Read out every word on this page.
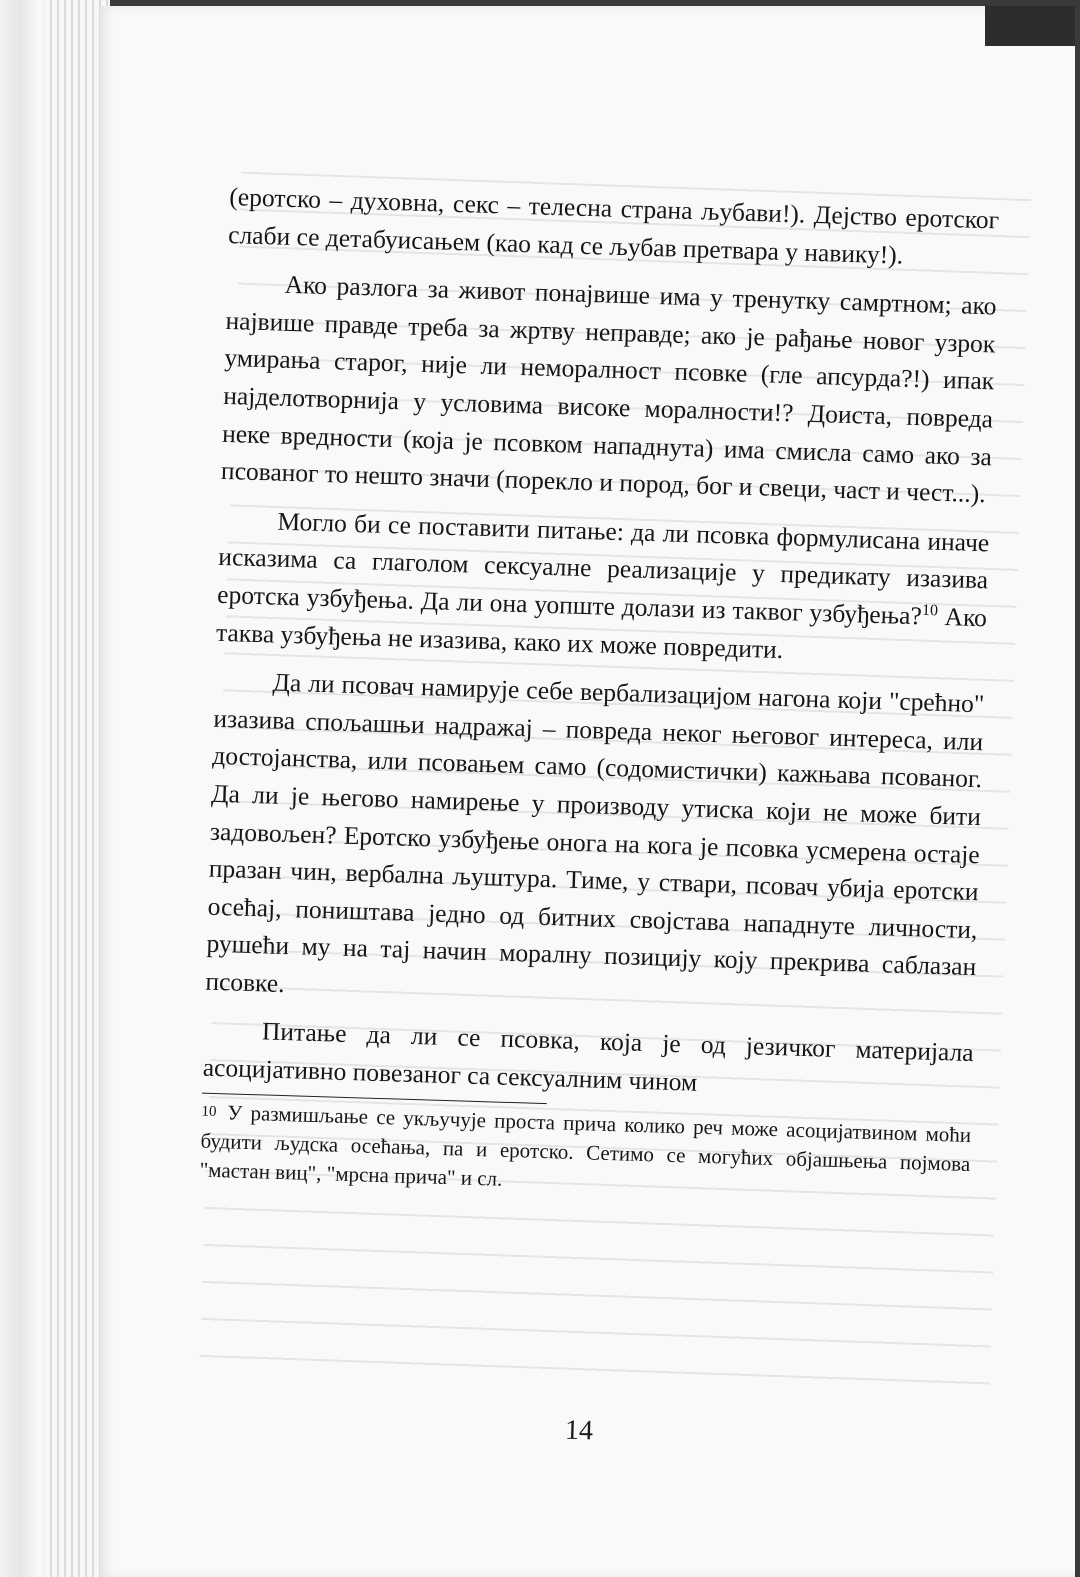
(еротско – духовна, секс – телесна страна љубави!). Дејство еротског слаби се детабуисањем (као кад се љубав претвара у навику!).

Ако разлога за живот понајвише има у тренутку самртном; ако највише правде треба за жртву неправде; ако је рађање новог узрок умирања старог, није ли неморалност псовке (гле апсурда?!) ипак најделотворнија у условима високе моралности!? Доиста, повреда неке вредности (која је псовком нападнута) има смисла само ако за псованог то нешто значи (порекло и пород, бог и свеци, част и чест...).

Могло би се поставити питање: да ли псовка формулисана иначе исказима са глаголом сексуалне реализације у предикату изазива еротска узбуђења. Да ли она уопште долази из таквог узбуђења?$^{10}$ Ако таква узбуђења не изазива, како их може повредити.

Да ли псовач намирује себе вербализацијом нагона који "срећно" изазива спољашњи надражај – повреда неког његовог интереса, или достојанства, или псовањем само (содомистички) кажњава псованог. Да ли је његово намирење у производу утиска који не може бити задовољен? Еротско узбуђење онога на кога је псовка усмерена остаје празан чин, вербална љуштура. Тиме, у ствари, псовач убија еротски осећај, поништава једно од битних својстава нападнуте личности, рушећи му на тај начин моралну позицију коју прекрива саблазан псовке.

Питање да ли се псовка, која је од језичког материјала асоцијативно повезаног са сексуалним чином

10 У размишљање се укључује проста прича колико реч може асоцијатвином моћи будити људска осећања, па и еротско. Сетимо се могућих објашњења појмова "мастан виц", "мрсна прича" и сл.

14
